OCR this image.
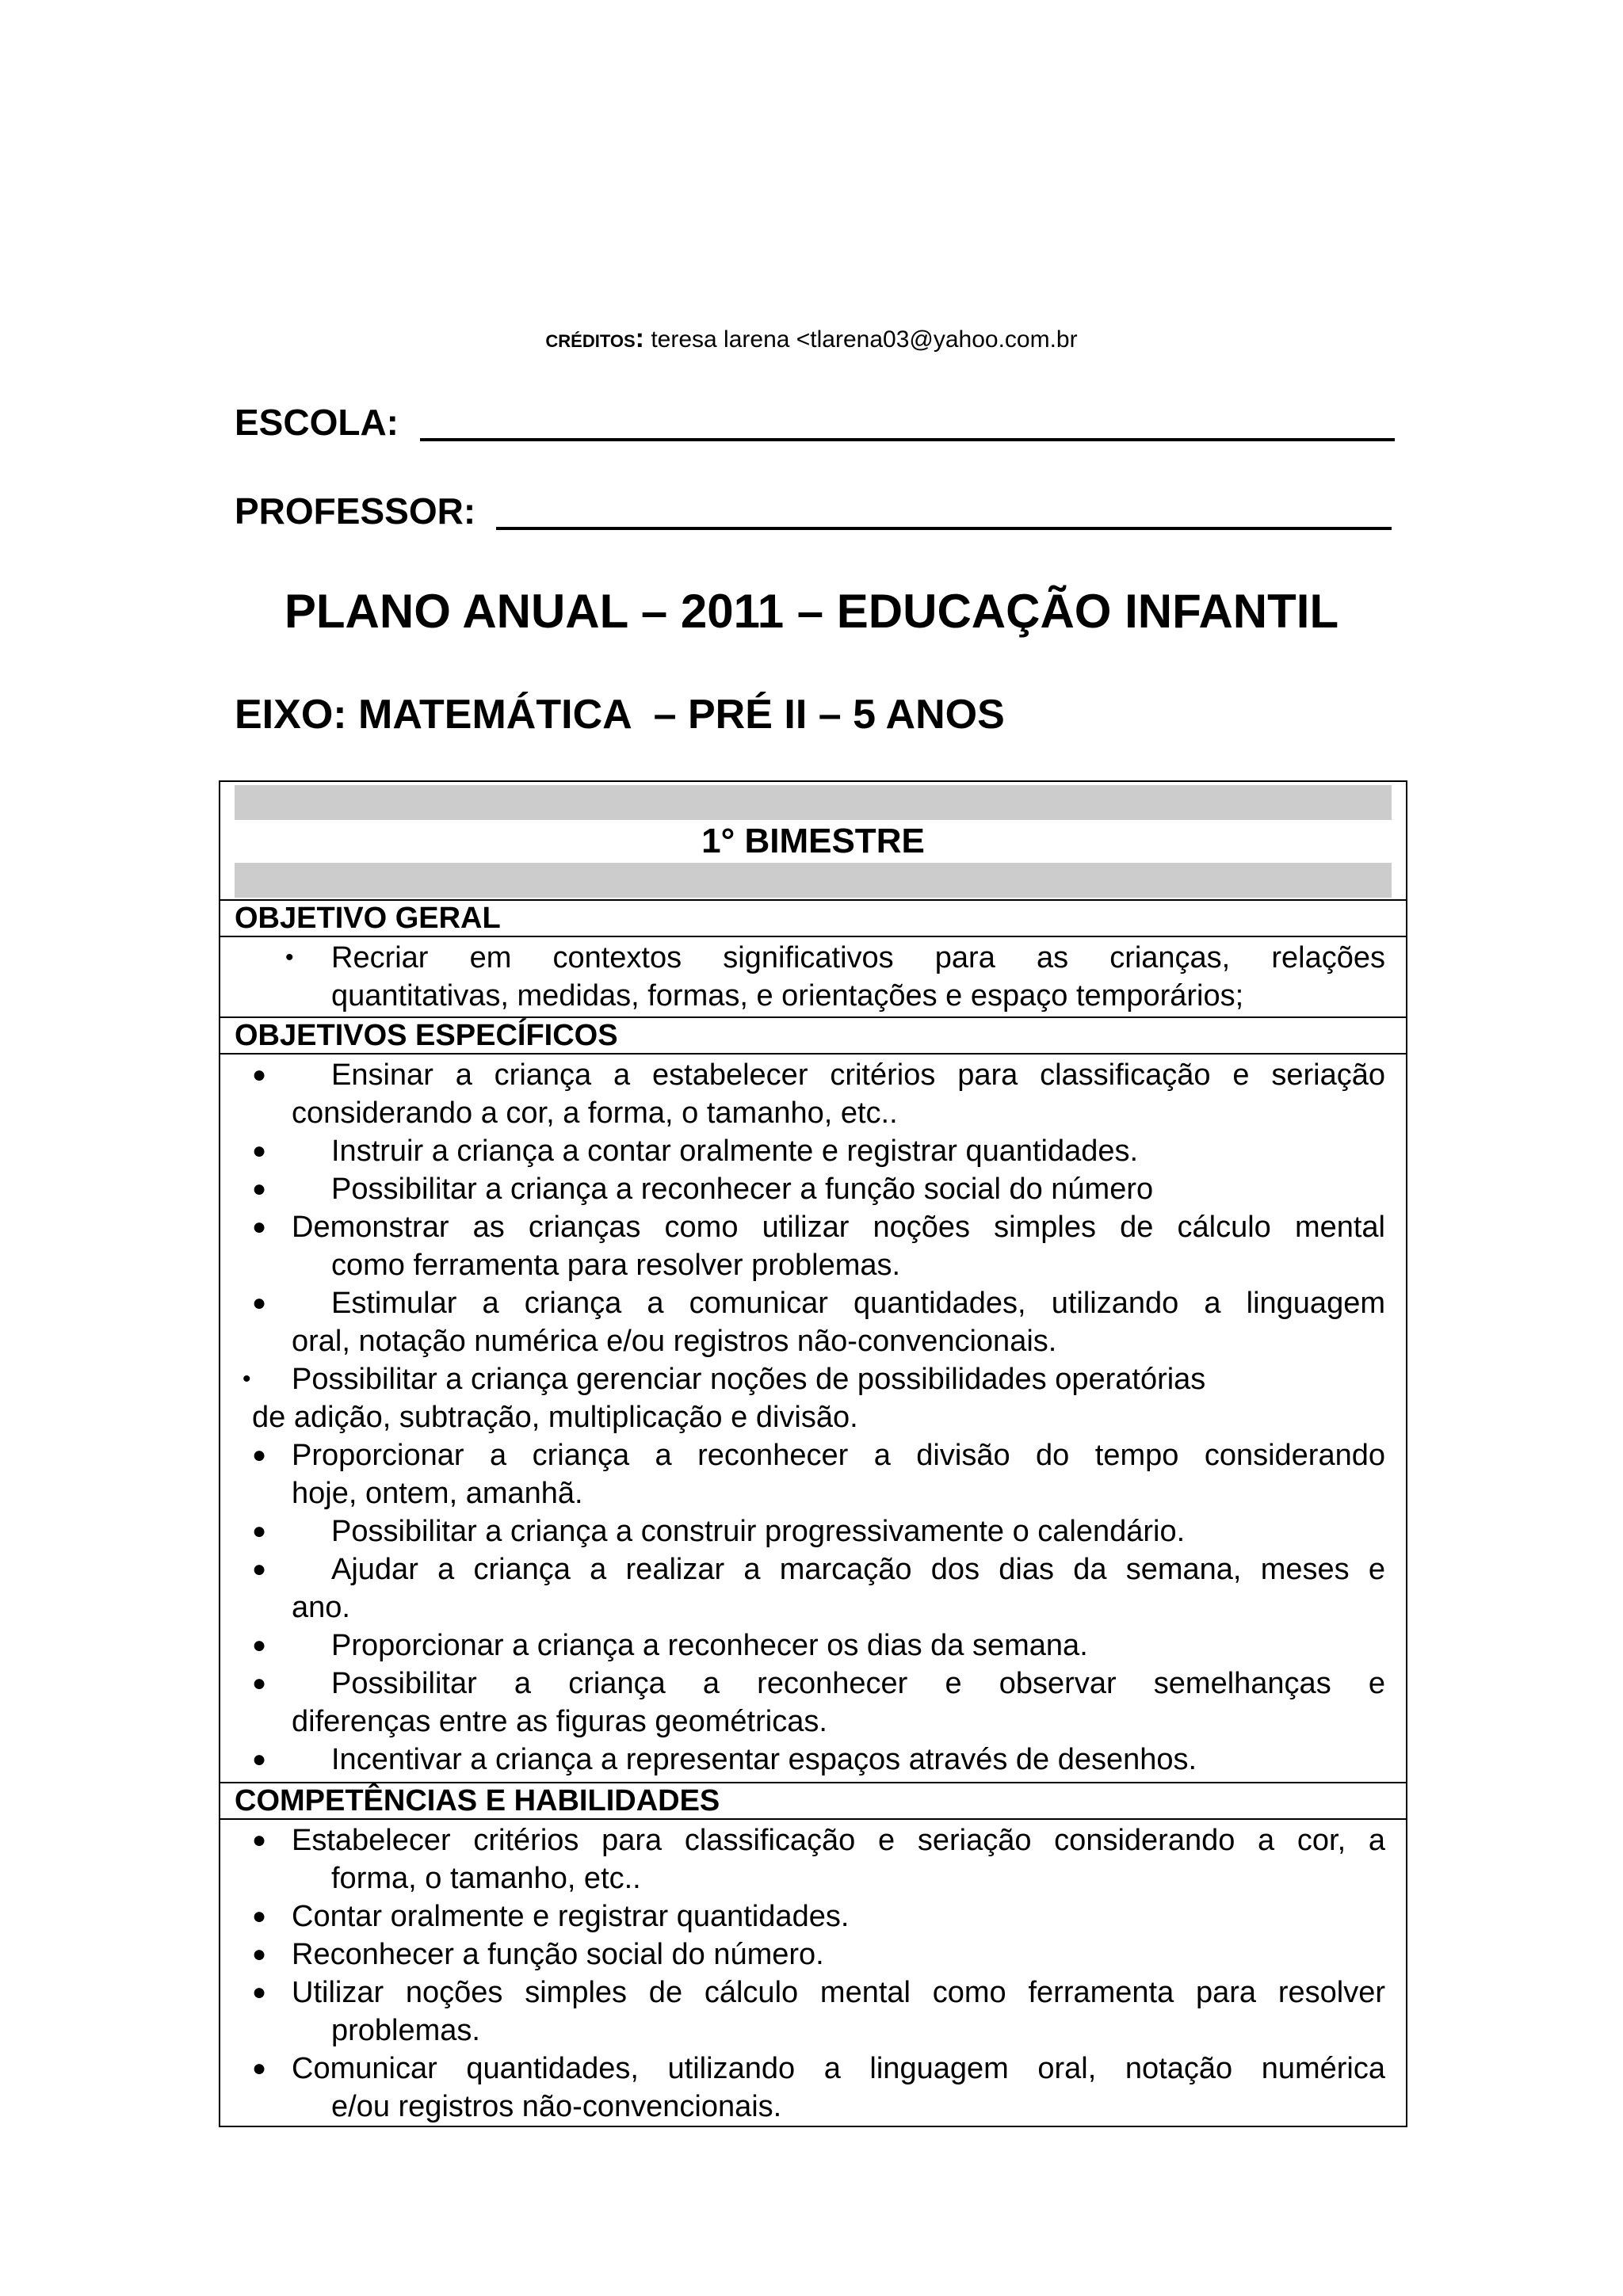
CRÉDITOS: teresa larena <tlarena03@yahoo.com.br
ESCOLA:
PROFESSOR:
PLANO ANUAL – 2011 – EDUCAÇÃO INFANTIL
EIXO: MATEMÁTICA  – PRÉ II – 5 ANOS
1° BIMESTRE
OBJETIVO GERAL
• Recriar em contextos significativos para as crianças, relações
quantitativas, medidas, formas, e orientações e espaço temporários;
OBJETIVOS ESPECÍFICOS
● Ensinar a criança a estabelecer critérios para classificação e seriação
considerando a cor, a forma, o tamanho, etc..
● Instruir a criança a contar oralmente e registrar quantidades.
● Possibilitar a criança a reconhecer a função social do número
● Demonstrar as crianças como utilizar noções simples de cálculo mental
como ferramenta para resolver problemas.
● Estimular a criança a comunicar quantidades, utilizando a linguagem
oral, notação numérica e/ou registros não-convencionais.
• Possibilitar a criança gerenciar noções de possibilidades operatórias
de adição, subtração, multiplicação e divisão.
● Proporcionar a criança a reconhecer a divisão do tempo considerando
hoje, ontem, amanhã.
● Possibilitar a criança a construir progressivamente o calendário.
● Ajudar a criança a realizar a marcação dos dias da semana, meses e
ano.
● Proporcionar a criança a reconhecer os dias da semana.
● Possibilitar a criança a reconhecer e observar semelhanças e
diferenças entre as figuras geométricas.
● Incentivar a criança a representar espaços através de desenhos.
COMPETÊNCIAS E HABILIDADES
● Estabelecer critérios para classificação e seriação considerando a cor, a
forma, o tamanho, etc..
● Contar oralmente e registrar quantidades.
● Reconhecer a função social do número.
● Utilizar noções simples de cálculo mental como ferramenta para resolver
problemas.
● Comunicar quantidades, utilizando a linguagem oral, notação numérica
e/ou registros não-convencionais.
